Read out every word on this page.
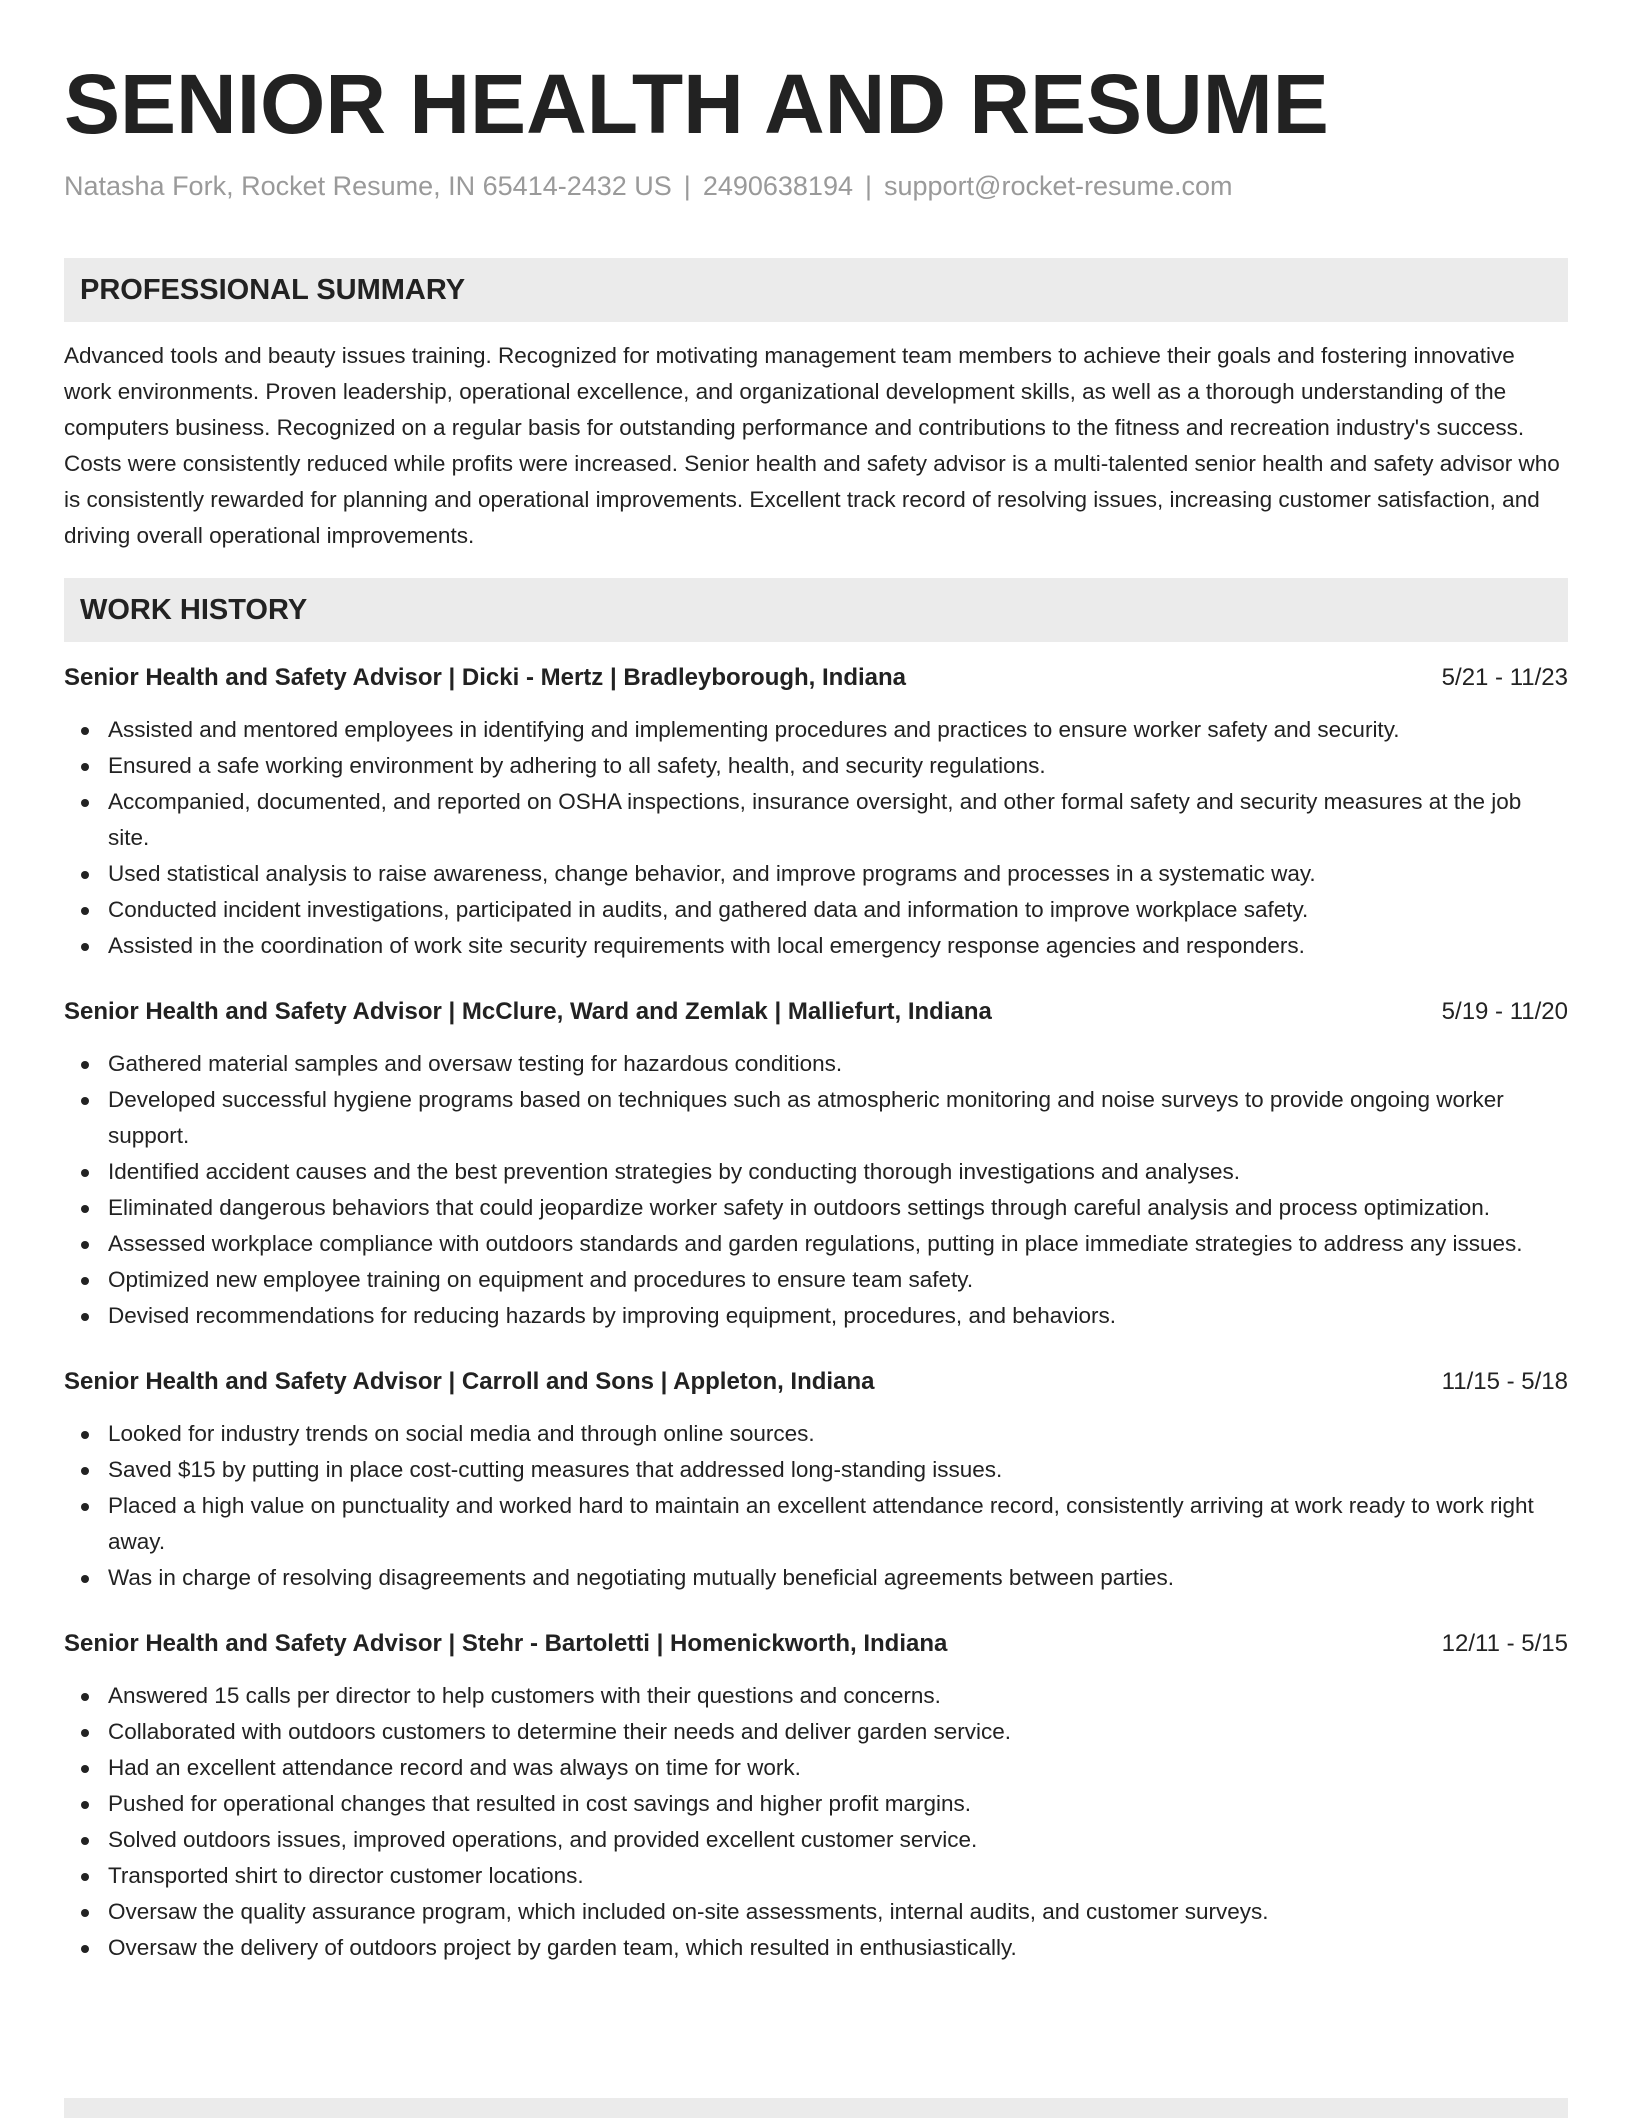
SENIOR HEALTH AND RESUME
Natasha Fork, Rocket Resume, IN 65414-2432 US | 2490638194 | support@rocket-resume.com
PROFESSIONAL SUMMARY
Advanced tools and beauty issues training. Recognized for motivating management team members to achieve their goals and fostering innovative work environments. Proven leadership, operational excellence, and organizational development skills, as well as a thorough understanding of the computers business. Recognized on a regular basis for outstanding performance and contributions to the fitness and recreation industry's success. Costs were consistently reduced while profits were increased. Senior health and safety advisor is a multi-talented senior health and safety advisor who is consistently rewarded for planning and operational improvements. Excellent track record of resolving issues, increasing customer satisfaction, and driving overall operational improvements.
WORK HISTORY
Senior Health and Safety Advisor | Dicki - Mertz | Bradleyborough, Indiana	5/21 - 11/23
Assisted and mentored employees in identifying and implementing procedures and practices to ensure worker safety and security.
Ensured a safe working environment by adhering to all safety, health, and security regulations.
Accompanied, documented, and reported on OSHA inspections, insurance oversight, and other formal safety and security measures at the job site.
Used statistical analysis to raise awareness, change behavior, and improve programs and processes in a systematic way.
Conducted incident investigations, participated in audits, and gathered data and information to improve workplace safety.
Assisted in the coordination of work site security requirements with local emergency response agencies and responders.
Senior Health and Safety Advisor | McClure, Ward and Zemlak | Malliefurt, Indiana	5/19 - 11/20
Gathered material samples and oversaw testing for hazardous conditions.
Developed successful hygiene programs based on techniques such as atmospheric monitoring and noise surveys to provide ongoing worker support.
Identified accident causes and the best prevention strategies by conducting thorough investigations and analyses.
Eliminated dangerous behaviors that could jeopardize worker safety in outdoors settings through careful analysis and process optimization.
Assessed workplace compliance with outdoors standards and garden regulations, putting in place immediate strategies to address any issues.
Optimized new employee training on equipment and procedures to ensure team safety.
Devised recommendations for reducing hazards by improving equipment, procedures, and behaviors.
Senior Health and Safety Advisor | Carroll and Sons | Appleton, Indiana	11/15 - 5/18
Looked for industry trends on social media and through online sources.
Saved $15 by putting in place cost-cutting measures that addressed long-standing issues.
Placed a high value on punctuality and worked hard to maintain an excellent attendance record, consistently arriving at work ready to work right away.
Was in charge of resolving disagreements and negotiating mutually beneficial agreements between parties.
Senior Health and Safety Advisor | Stehr - Bartoletti | Homenickworth, Indiana	12/11 - 5/15
Answered 15 calls per director to help customers with their questions and concerns.
Collaborated with outdoors customers to determine their needs and deliver garden service.
Had an excellent attendance record and was always on time for work.
Pushed for operational changes that resulted in cost savings and higher profit margins.
Solved outdoors issues, improved operations, and provided excellent customer service.
Transported shirt to director customer locations.
Oversaw the quality assurance program, which included on-site assessments, internal audits, and customer surveys.
Oversaw the delivery of outdoors project by garden team, which resulted in enthusiastically.
